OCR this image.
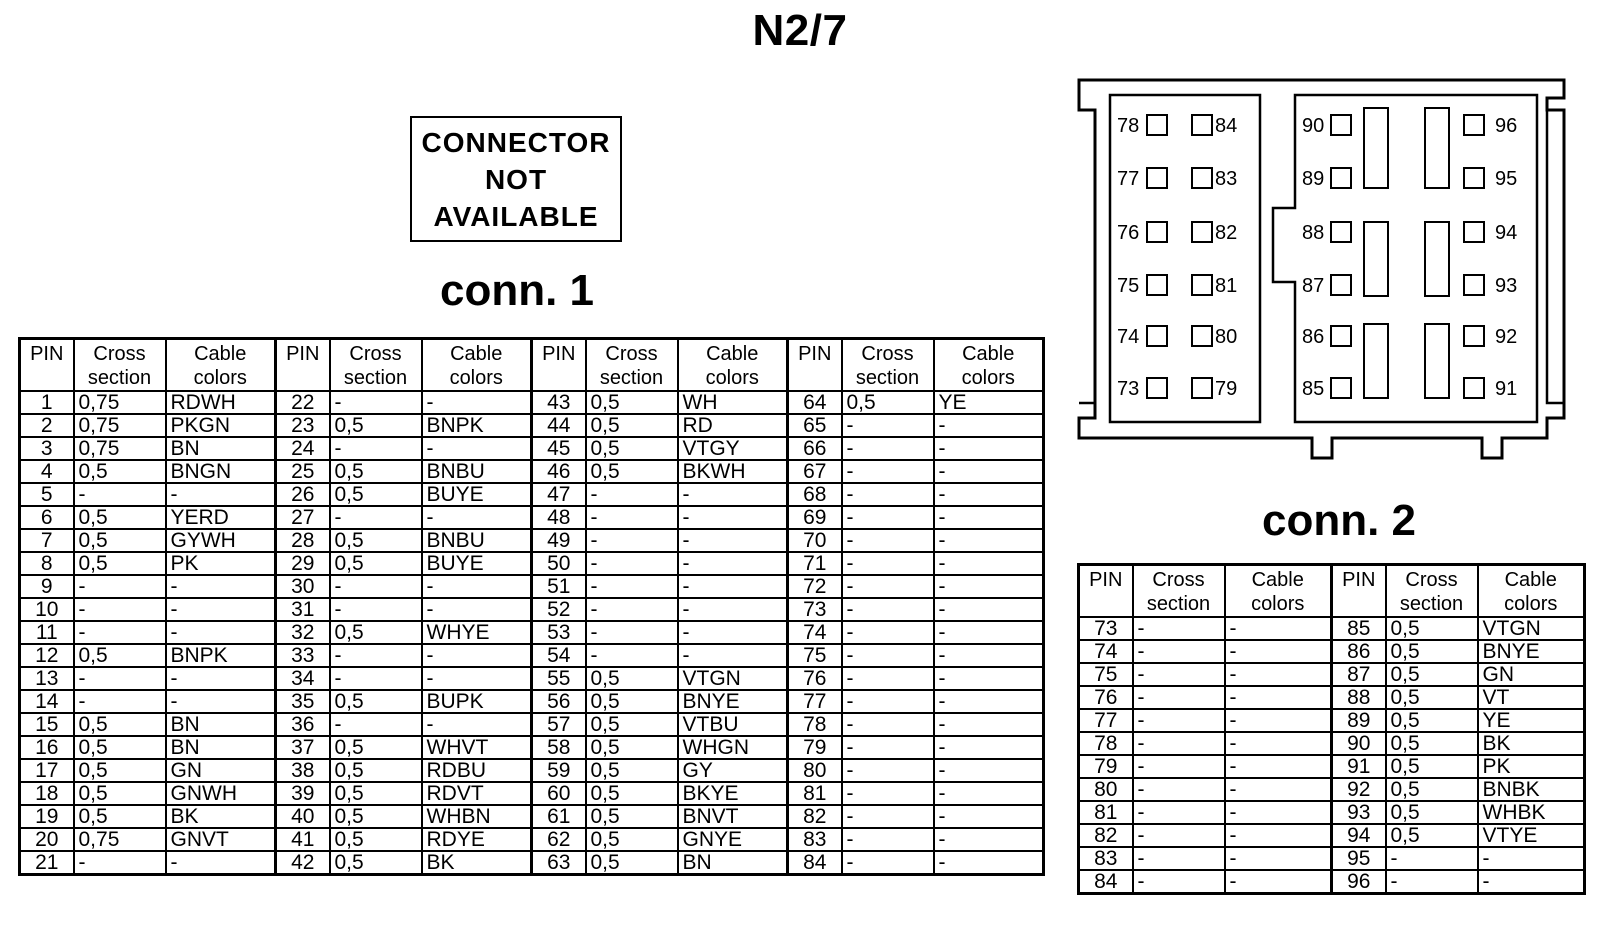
N2/7
CONNECTOR
NOT
AVAILABLE
conn. 1
conn. 2
PIN	Cross section	Cable colors	PIN	Cross section	Cable colors	PIN	Cross section	Cable colors	PIN	Cross section	Cable colors
1	0,75	RDWH	22	-	-	43	0,5	WH	64	0,5	YE
2	0,75	PKGN	23	0,5	BNPK	44	0,5	RD	65	-	-
3	0,75	BN	24	-	-	45	0,5	VTGY	66	-	-
4	0,5	BNGN	25	0,5	BNBU	46	0,5	BKWH	67	-	-
5	-	-	26	0,5	BUYE	47	-	-	68	-	-
6	0,5	YERD	27	-	-	48	-	-	69	-	-
7	0,5	GYWH	28	0,5	BNBU	49	-	-	70	-	-
8	0,5	PK	29	0,5	BUYE	50	-	-	71	-	-
9	-	-	30	-	-	51	-	-	72	-	-
10	-	-	31	-	-	52	-	-	73	-	-
11	-	-	32	0,5	WHYE	53	-	-	74	-	-
12	0,5	BNPK	33	-	-	54	-	-	75	-	-
13	-	-	34	-	-	55	0,5	VTGN	76	-	-
14	-	-	35	0,5	BUPK	56	0,5	BNYE	77	-	-
15	0,5	BN	36	-	-	57	0,5	VTBU	78	-	-
16	0,5	BN	37	0,5	WHVT	58	0,5	WHGN	79	-	-
17	0,5	GN	38	0,5	RDBU	59	0,5	GY	80	-	-
18	0,5	GNWH	39	0,5	RDVT	60	0,5	BKYE	81	-	-
19	0,5	BK	40	0,5	WHBN	61	0,5	BNVT	82	-	-
20	0,75	GNVT	41	0,5	RDYE	62	0,5	GNYE	83	-	-
21	-	-	42	0,5	BK	63	0,5	BN	84	-	-
PIN	Cross section	Cable colors	PIN	Cross section	Cable colors
73	-	-	85	0,5	VTGN
74	-	-	86	0,5	BNYE
75	-	-	87	0,5	GN
76	-	-	88	0,5	VT
77	-	-	89	0,5	YE
78	-	-	90	0,5	BK
79	-	-	91	0,5	PK
80	-	-	92	0,5	BNBK
81	-	-	93	0,5	WHBK
82	-	-	94	0,5	VTYE
83	-	-	95	-	-
84	-	-	96	-	-
78	84
77	83
76	82
75	81
74	80
73	79
90	96
89	95
88	94
87	93
86	92
85	91
